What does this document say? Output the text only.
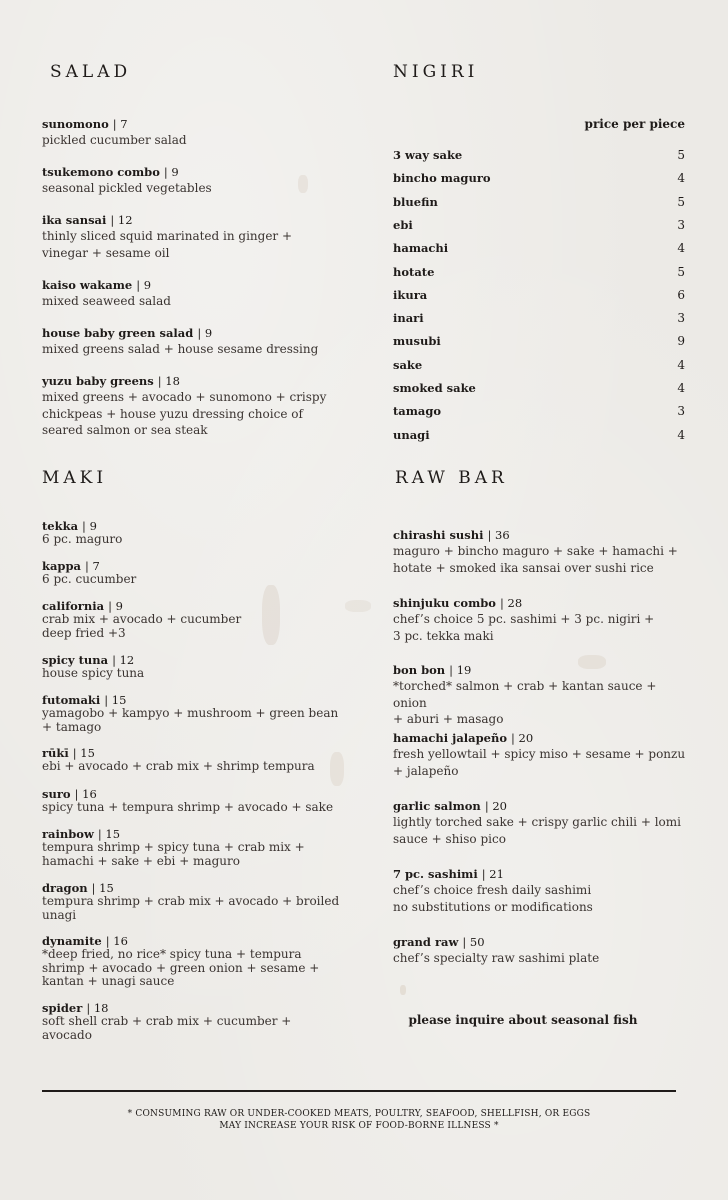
SALAD
sunomono | 7
pickled cucumber salad
tsukemono combo | 9
seasonal pickled vegetables
ika sansai | 12
thinly sliced squid marinated in ginger +
vinegar + sesame oil
kaiso wakame | 9
mixed seaweed salad
house baby green salad | 9
mixed greens salad + house sesame dressing
yuzu baby greens | 18
mixed greens + avocado + sunomono + crispy
chickpeas + house yuzu dressing choice of
seared salmon or sea steak
NIGIRI
price per piece
3 way sake	5
bincho maguro	4
bluefin	5
ebi	3
hamachi	4
hotate	5
ikura	6
inari	3
musubi	9
sake	4
smoked sake	4
tamago	3
unagi	4
MAKI
tekka | 9
6 pc. maguro
kappa | 7
6 pc. cucumber
california | 9
crab mix + avocado + cucumber
deep fried +3
spicy tuna | 12
house spicy tuna
futomaki | 15
yamagobo + kampyo + mushroom + green bean
+ tamago
rūkī | 15
ebi + avocado + crab mix + shrimp tempura
suro | 16
spicy tuna + tempura shrimp + avocado + sake
rainbow | 15
tempura shrimp + spicy tuna + crab mix +
hamachi + sake + ebi + maguro
dragon | 15
tempura shrimp + crab mix + avocado + broiled
unagi
dynamite | 16
*deep fried, no rice* spicy tuna + tempura
shrimp + avocado + green onion + sesame +
kantan + unagi sauce
spider | 18
soft shell crab + crab mix + cucumber +
avocado
RAW BAR
chirashi sushi | 36
maguro + bincho maguro + sake + hamachi +
hotate + smoked ika sansai over sushi rice
shinjuku combo | 28
chef’s choice 5 pc. sashimi + 3 pc. nigiri +
3 pc. tekka maki
bon bon | 19
*torched* salmon + crab + kantan sauce + onion
+ aburi + masago
hamachi jalapeño | 20
fresh yellowtail + spicy miso + sesame + ponzu
+ jalapeño
garlic salmon | 20
lightly torched sake + crispy garlic chili + lomi
sauce + shiso pico
7 pc. sashimi | 21
chef’s choice fresh daily sashimi
no substitutions or modifications
grand raw | 50
chef’s specialty raw sashimi plate
please inquire about seasonal fish
* CONSUMING RAW OR UNDER-COOKED MEATS, POULTRY, SEAFOOD, SHELLFISH, OR EGGS
MAY INCREASE YOUR RISK OF FOOD-BORNE ILLNESS *
